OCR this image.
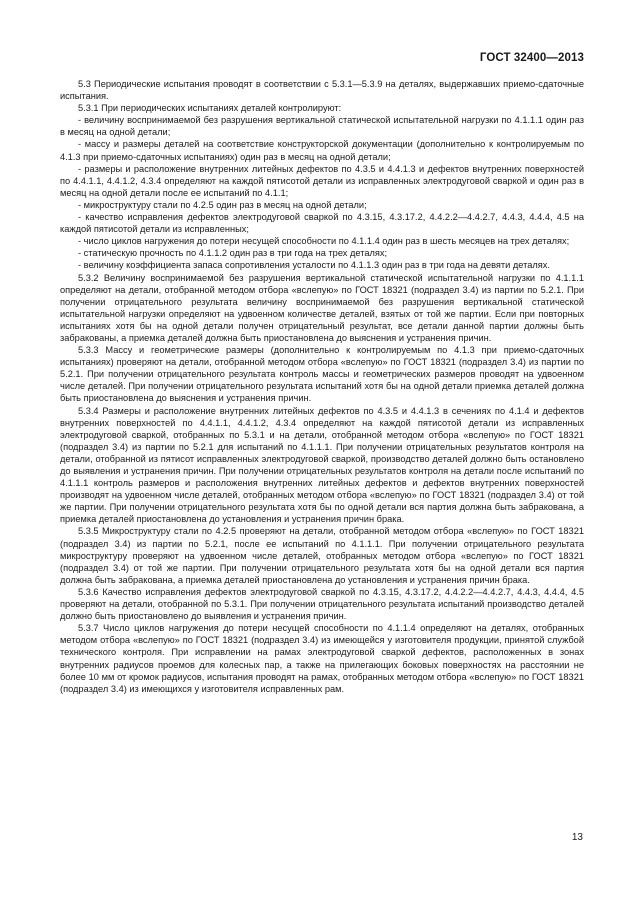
ГОСТ 32400—2013

5.3 Периодические испытания проводят в соответствии с 5.3.1—5.3.9 на деталях, выдержавших приемо-сдаточные испытания.

5.3.1 При периодических испытаниях деталей контролируют:

- величину воспринимаемой без разрушения вертикальной статической испытательной нагрузки по 4.1.1.1 один раз в месяц на одной детали;

- массу и размеры деталей на соответствие конструкторской документации (дополнительно к контролируемым по 4.1.3 при приемо-сдаточных испытаниях) один раз в месяц на одной детали;

- размеры и расположение внутренних литейных дефектов по 4.3.5 и 4.4.1.3 и дефектов внутренних поверхностей по 4.4.1.1, 4.4.1.2, 4.3.4 определяют на каждой пятисотой детали из исправленных электродуговой сваркой и один раз в месяц на одной детали после ее испытаний по 4.1.1;

- микроструктуру стали по 4.2.5 один раз в месяц на одной детали;

- качество исправления дефектов электродуговой сваркой по 4.3.15, 4.3.17.2, 4.4.2.2—4.4.2.7, 4.4.3, 4.4.4, 4.5 на каждой пятисотой детали из исправленных;

- число циклов нагружения до потери несущей способности по 4.1.1.4 один раз в шесть месяцев на трех деталях;

- статическую прочность по 4.1.1.2 один раз в три года на трех деталях;

- величину коэффициента запаса сопротивления усталости по 4.1.1.3 один раз в три года на девяти деталях.

5.3.2 Величину воспринимаемой без разрушения вертикальной статической испытательной нагрузки по 4.1.1.1 определяют на детали, отобранной методом отбора «вслепую» по ГОСТ 18321 (подраздел 3.4) из партии по 5.2.1. При получении отрицательного результата величину воспринимаемой без разрушения вертикальной статической испытательной нагрузки определяют на удвоенном количестве деталей, взятых от той же партии. Если при повторных испытаниях хотя бы на одной детали получен отрицательный результат, все детали данной партии должны быть забракованы, а приемка деталей должна быть приостановлена до выяснения и устранения причин.

5.3.3 Массу и геометрические размеры (дополнительно к контролируемым по 4.1.3 при приемо-сдаточных испытаниях) проверяют на детали, отобранной методом отбора «вслепую» по ГОСТ 18321 (подраздел 3.4) из партии по 5.2.1. При получении отрицательного результата контроль массы и геометрических размеров проводят на удвоенном числе деталей. При получении отрицательного результата испытаний хотя бы на одной детали приемка деталей должна быть приостановлена до выяснения и устранения причин.

5.3.4 Размеры и расположение внутренних литейных дефектов по 4.3.5 и 4.4.1.3 в сечениях по 4.1.4 и дефектов внутренних поверхностей по 4.4.1.1, 4.4.1.2, 4.3.4 определяют на каждой пятисотой детали из исправленных электродуговой сваркой, отобранных по 5.3.1 и на детали, отобранной методом отбора «вслепую» по ГОСТ 18321 (подраздел 3.4) из партии по 5.2.1 для испытаний по 4.1.1.1. При получении отрицательных результатов контроля на детали, отобранной из пятисот исправленных электродуговой сваркой, производство деталей должно быть остановлено до выявления и устранения причин. При получении отрицательных результатов контроля на детали после испытаний по 4.1.1.1 контроль размеров и расположения внутренних литейных дефектов и дефектов внутренних поверхностей производят на удвоенном числе деталей, отобранных методом отбора «вслепую» по ГОСТ 18321 (подраздел 3.4) от той же партии. При получении отрицательного результата хотя бы по одной детали вся партия должна быть забракована, а приемка деталей приостановлена до установления и устранения причин брака.

5.3.5 Микроструктуру стали по 4.2.5 проверяют на детали, отобранной методом отбора «вслепую» по ГОСТ 18321 (подраздел 3.4) из партии по 5.2.1, после ее испытаний по 4.1.1.1. При получении отрицательного результата микроструктуру проверяют на удвоенном числе деталей, отобранных методом отбора «вслепую» по ГОСТ 18321 (подраздел 3.4) от той же партии. При получении отрицательного результата хотя бы на одной детали вся партия должна быть забракована, а приемка деталей приостановлена до установления и устранения причин брака.

5.3.6 Качество исправления дефектов электродуговой сваркой по 4.3.15, 4.3.17.2, 4.4.2.2—4.4.2.7, 4.4.3, 4.4.4, 4.5 проверяют на детали, отобранной по 5.3.1. При получении отрицательного результата испытаний производство деталей должно быть приостановлено до выявления и устранения причин.

5.3.7 Число циклов нагружения до потери несущей способности по 4.1.1.4 определяют на деталях, отобранных методом отбора «вслепую» по ГОСТ 18321 (подраздел 3.4) из имеющейся у изготовителя продукции, принятой службой технического контроля. При исправлении на рамах электродуговой сваркой дефектов, расположенных в зонах внутренних радиусов проемов для колесных пар, а также на прилегающих боковых поверхностях на расстоянии не более 10 мм от кромок радиусов, испытания проводят на рамах, отобранных методом отбора «вслепую» по ГОСТ 18321 (подраздел 3.4) из имеющихся у изготовителя исправленных рам.

13
